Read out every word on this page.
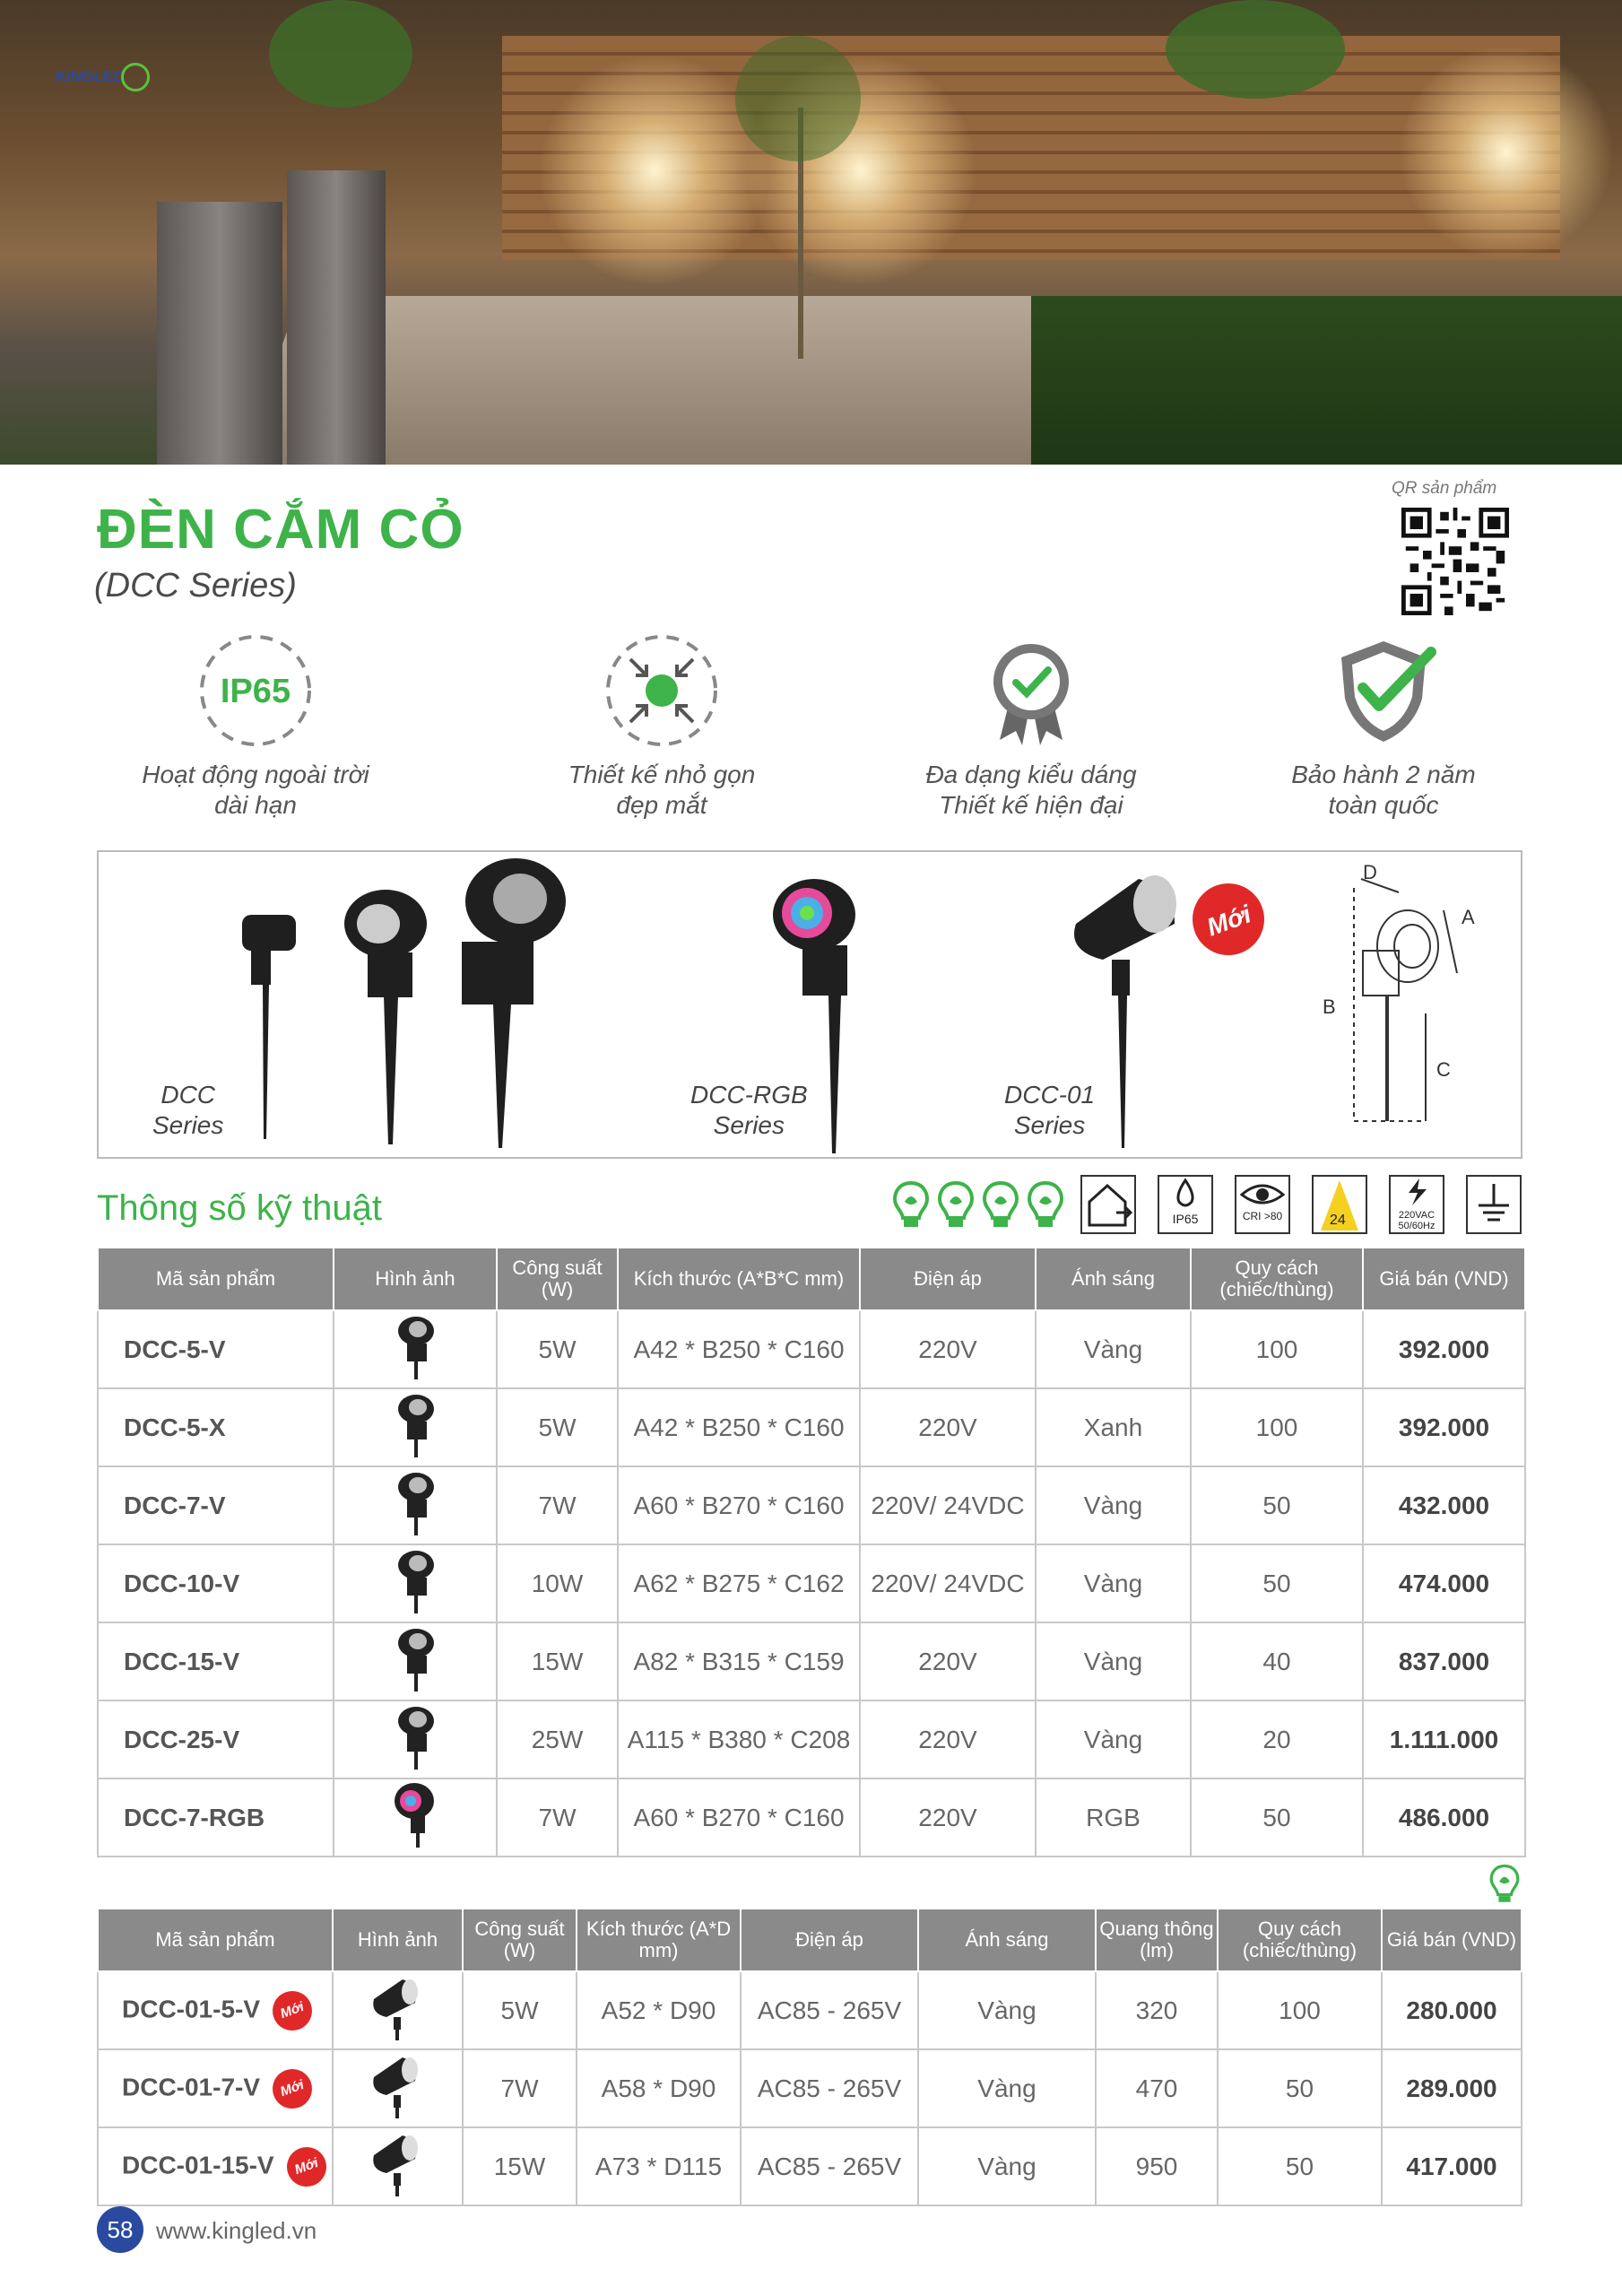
KINGLED
ĐÈN CẮM CỎ
(DCC Series)
QR sản phẩm
IP65
Hoạt động ngoài trời
dài hạn
Thiết kế nhỏ gọn
đẹp mắt
Đa dạng kiểu dáng
Thiết kế hiện đại
Bảo hành 2 năm
toàn quốc
Mới
D
A
B
C
DCC
Series
DCC-RGB
Series
DCC-01
Series
Thông số kỹ thuật	IP65	CRI >80	24	220VAC
50/60Hz
Mã sản phẩm	Hình ảnh	Công suất (W)	Kích thước (A*B*C mm)	Điện áp	Ánh sáng	Quy cách (chiếc/thùng)	Giá bán (VND)
DCC-5-V		5W	A42 * B250 * C160	220V	Vàng	100	392.000
DCC-5-X		5W	A42 * B250 * C160	220V	Xanh	100	392.000
DCC-7-V		7W	A60 * B270 * C160	220V/ 24VDC	Vàng	50	432.000
DCC-10-V		10W	A62 * B275 * C162	220V/ 24VDC	Vàng	50	474.000
DCC-15-V		15W	A82 * B315 * C159	220V	Vàng	40	837.000
DCC-25-V		25W	A115 * B380 * C208	220V	Vàng	20	1.111.000
DCC-7-RGB		7W	A60 * B270 * C160	220V	RGB	50	486.000
Mã sản phẩm	Hình ảnh	Công suất (W)	Kích thước (A*D mm)	Điện áp	Ánh sáng	Quang thông (lm)	Quy cách (chiếc/thùng)	Giá bán (VND)
DCC-01-5-V Mới		5W	A52 * D90	AC85 - 265V	Vàng	320	100	280.000
DCC-01-7-V Mới		7W	A58 * D90	AC85 - 265V	Vàng	470	50	289.000
DCC-01-15-V Mới		15W	A73 * D115	AC85 - 265V	Vàng	950	50	417.000
58 www.kingled.vn
